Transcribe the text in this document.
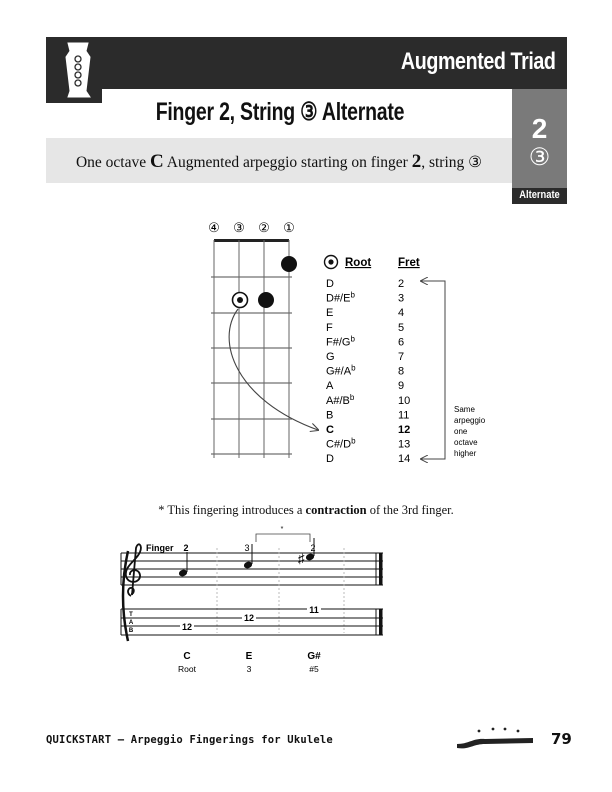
Augmented Triad
2
③
Alternate
Finger 2, String ③ Alternate
One octave C Augmented arpeggio starting on finger 2, string ③
④ ③ ② ①
Root Fret
D	2
$D\#/E^b$	3
E	4
F	5
$F\#/G^b$	6
G	7
$G\#/A^b$	8
A	9
$A\#/B^b$	10
B	11
C	12
$C\#/D^b$	13
D	14
Same arpeggio one octave higher
* This fingering introduces a contraction of the 3rd finger.
Finger 2	3	2
*
♯
T
A
B	12
12
11
C	E	G#
Root	3	#5
QUICKSTART – Arpeggio Fingerings for Ukulele	79
